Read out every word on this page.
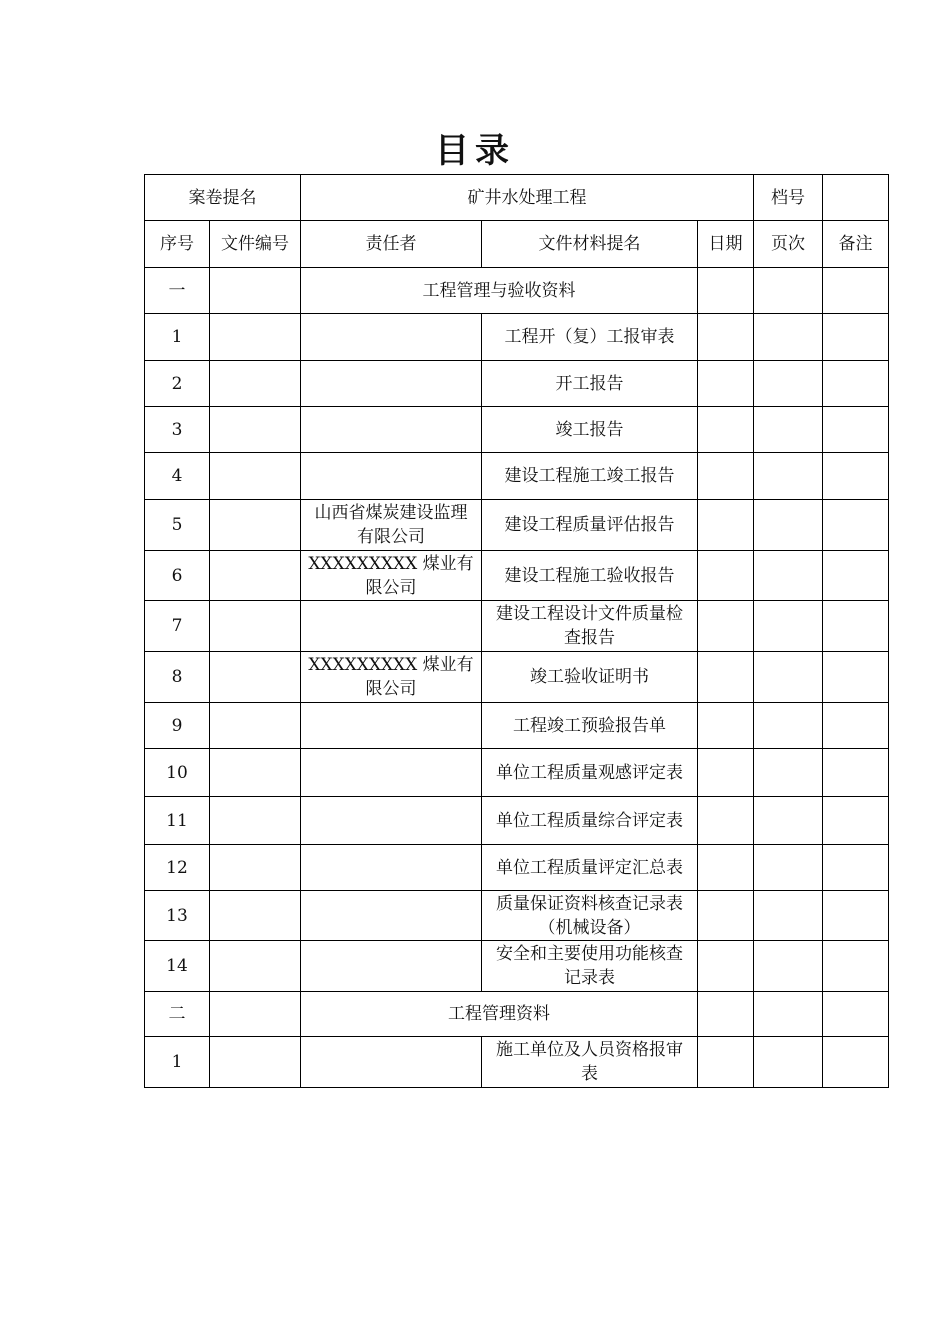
目录
案卷提名		矿井水处理工程			档号	
序号	文件编号	责任者	文件材料提名	日期	页次	备注
一		工程管理与验收资料				
1			工程开（复）工报审表			
2			开工报告			
3			竣工报告			
4			建设工程施工竣工报告			
5		山西省煤炭建设监理有限公司	建设工程质量评估报告			
6		XXXXXXXXX 煤业有限公司	建设工程施工验收报告			
7			建设工程设计文件质量检查报告			
8		XXXXXXXXX 煤业有限公司	竣工验收证明书			
9			工程竣工预验报告单			
10			单位工程质量观感评定表			
11			单位工程质量综合评定表			
12			单位工程质量评定汇总表			
13			质量保证资料核查记录表（机械设备）			
14			安全和主要使用功能核查记录表			
二		工程管理资料				
1			施工单位及人员资格报审表			
